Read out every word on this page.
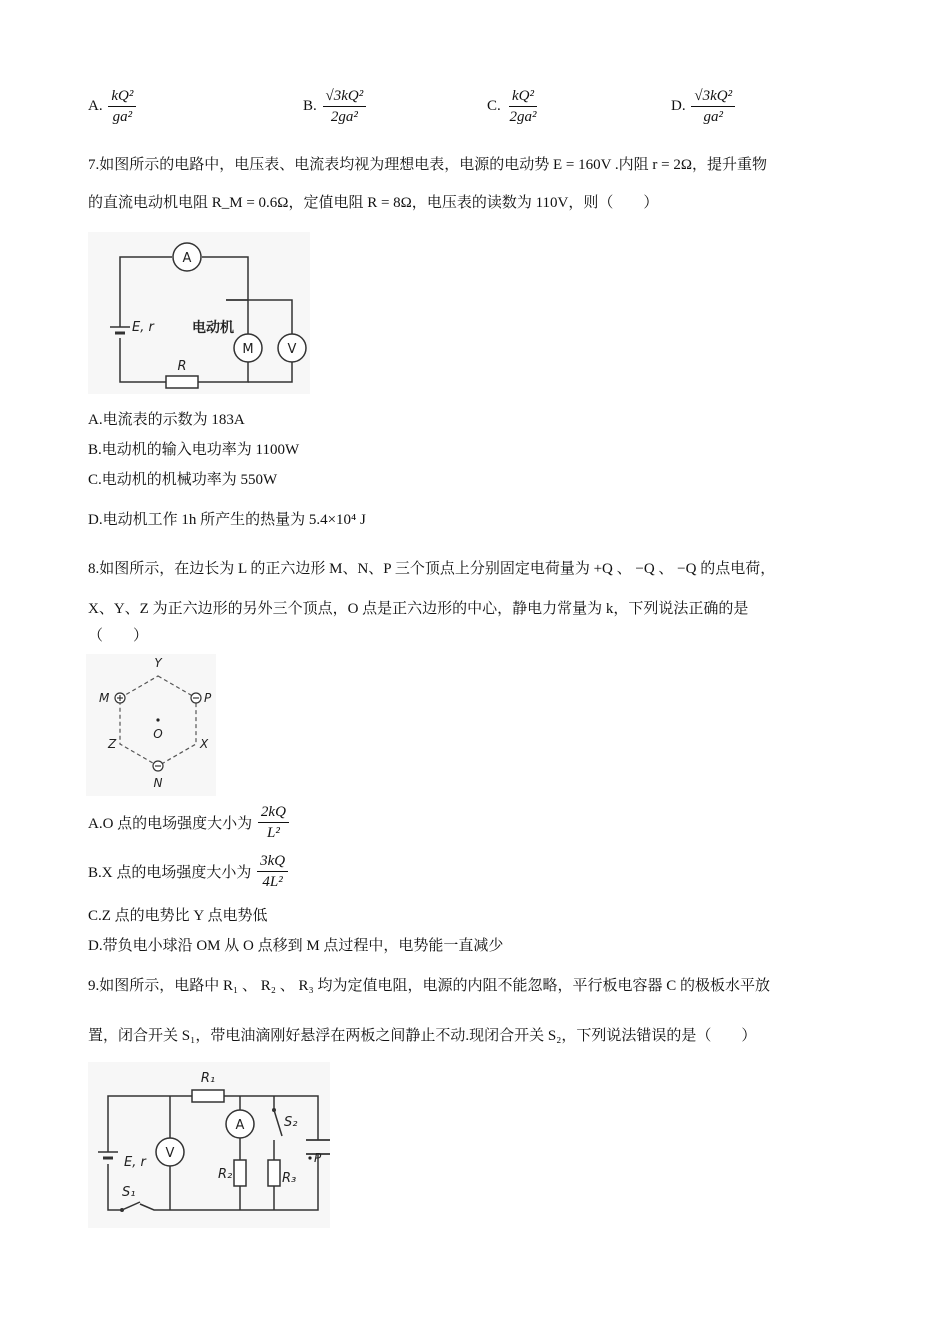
A. $\frac{\text{kQ²}}{\text{ga²}}$	B. $\frac{\text{√3kQ²}}{\text{2ga²}}$	C. $\frac{\text{kQ²}}{\text{2ga²}}$	D. $\frac{\text{√3kQ²}}{\text{ga²}}$
7.如图所示的电路中，电压表、电流表均视为理想电表，电源的电动势 E = 160V .内阻 r = 2Ω，提升重物
的直流电动机电阻 R_M = 0.6Ω，定值电阻 R = 8Ω，电压表的读数为 110V，则（　　）
A
E, r	电动机
M	V
R
A.电流表的示数为 183A
B.电动机的输入电功率为 1100W
C.电动机的机械功率为 550W
D.电动机工作 1h 所产生的热量为 5.4×10⁴ J
8.如图所示，在边长为 L 的正六边形 M、N、P 三个顶点上分别固定电荷量为 +Q 、 −Q 、 −Q 的点电荷，
X、Y、Z 为正六边形的另外三个顶点，O 点是正六边形的中心，静电力常量为 k，下列说法正确的是
（　　）
Y
M	P
O
Z	X
N
A.O 点的电场强度大小为 $\frac{2kQ}{\text{L²}}$
B.X 点的电场强度大小为 $\frac{3kQ}{\text{4L²}}$
C.Z 点的电势比 Y 点电势低
D.带负电小球沿 OM 从 O 点移到 M 点过程中，电势能一直减少
9.如图所示，电路中 R₁ 、 R₂ 、 R₃ 均为定值电阻，电源的内阻不能忽略，平行板电容器 C 的极板水平放
置，闭合开关 S₁，带电油滴刚好悬浮在两板之间静止不动.现闭合开关 S₂，下列说法错误的是（　　）
E, r
R₁
V
A
R₂
S₂
R₃
P
S₁
